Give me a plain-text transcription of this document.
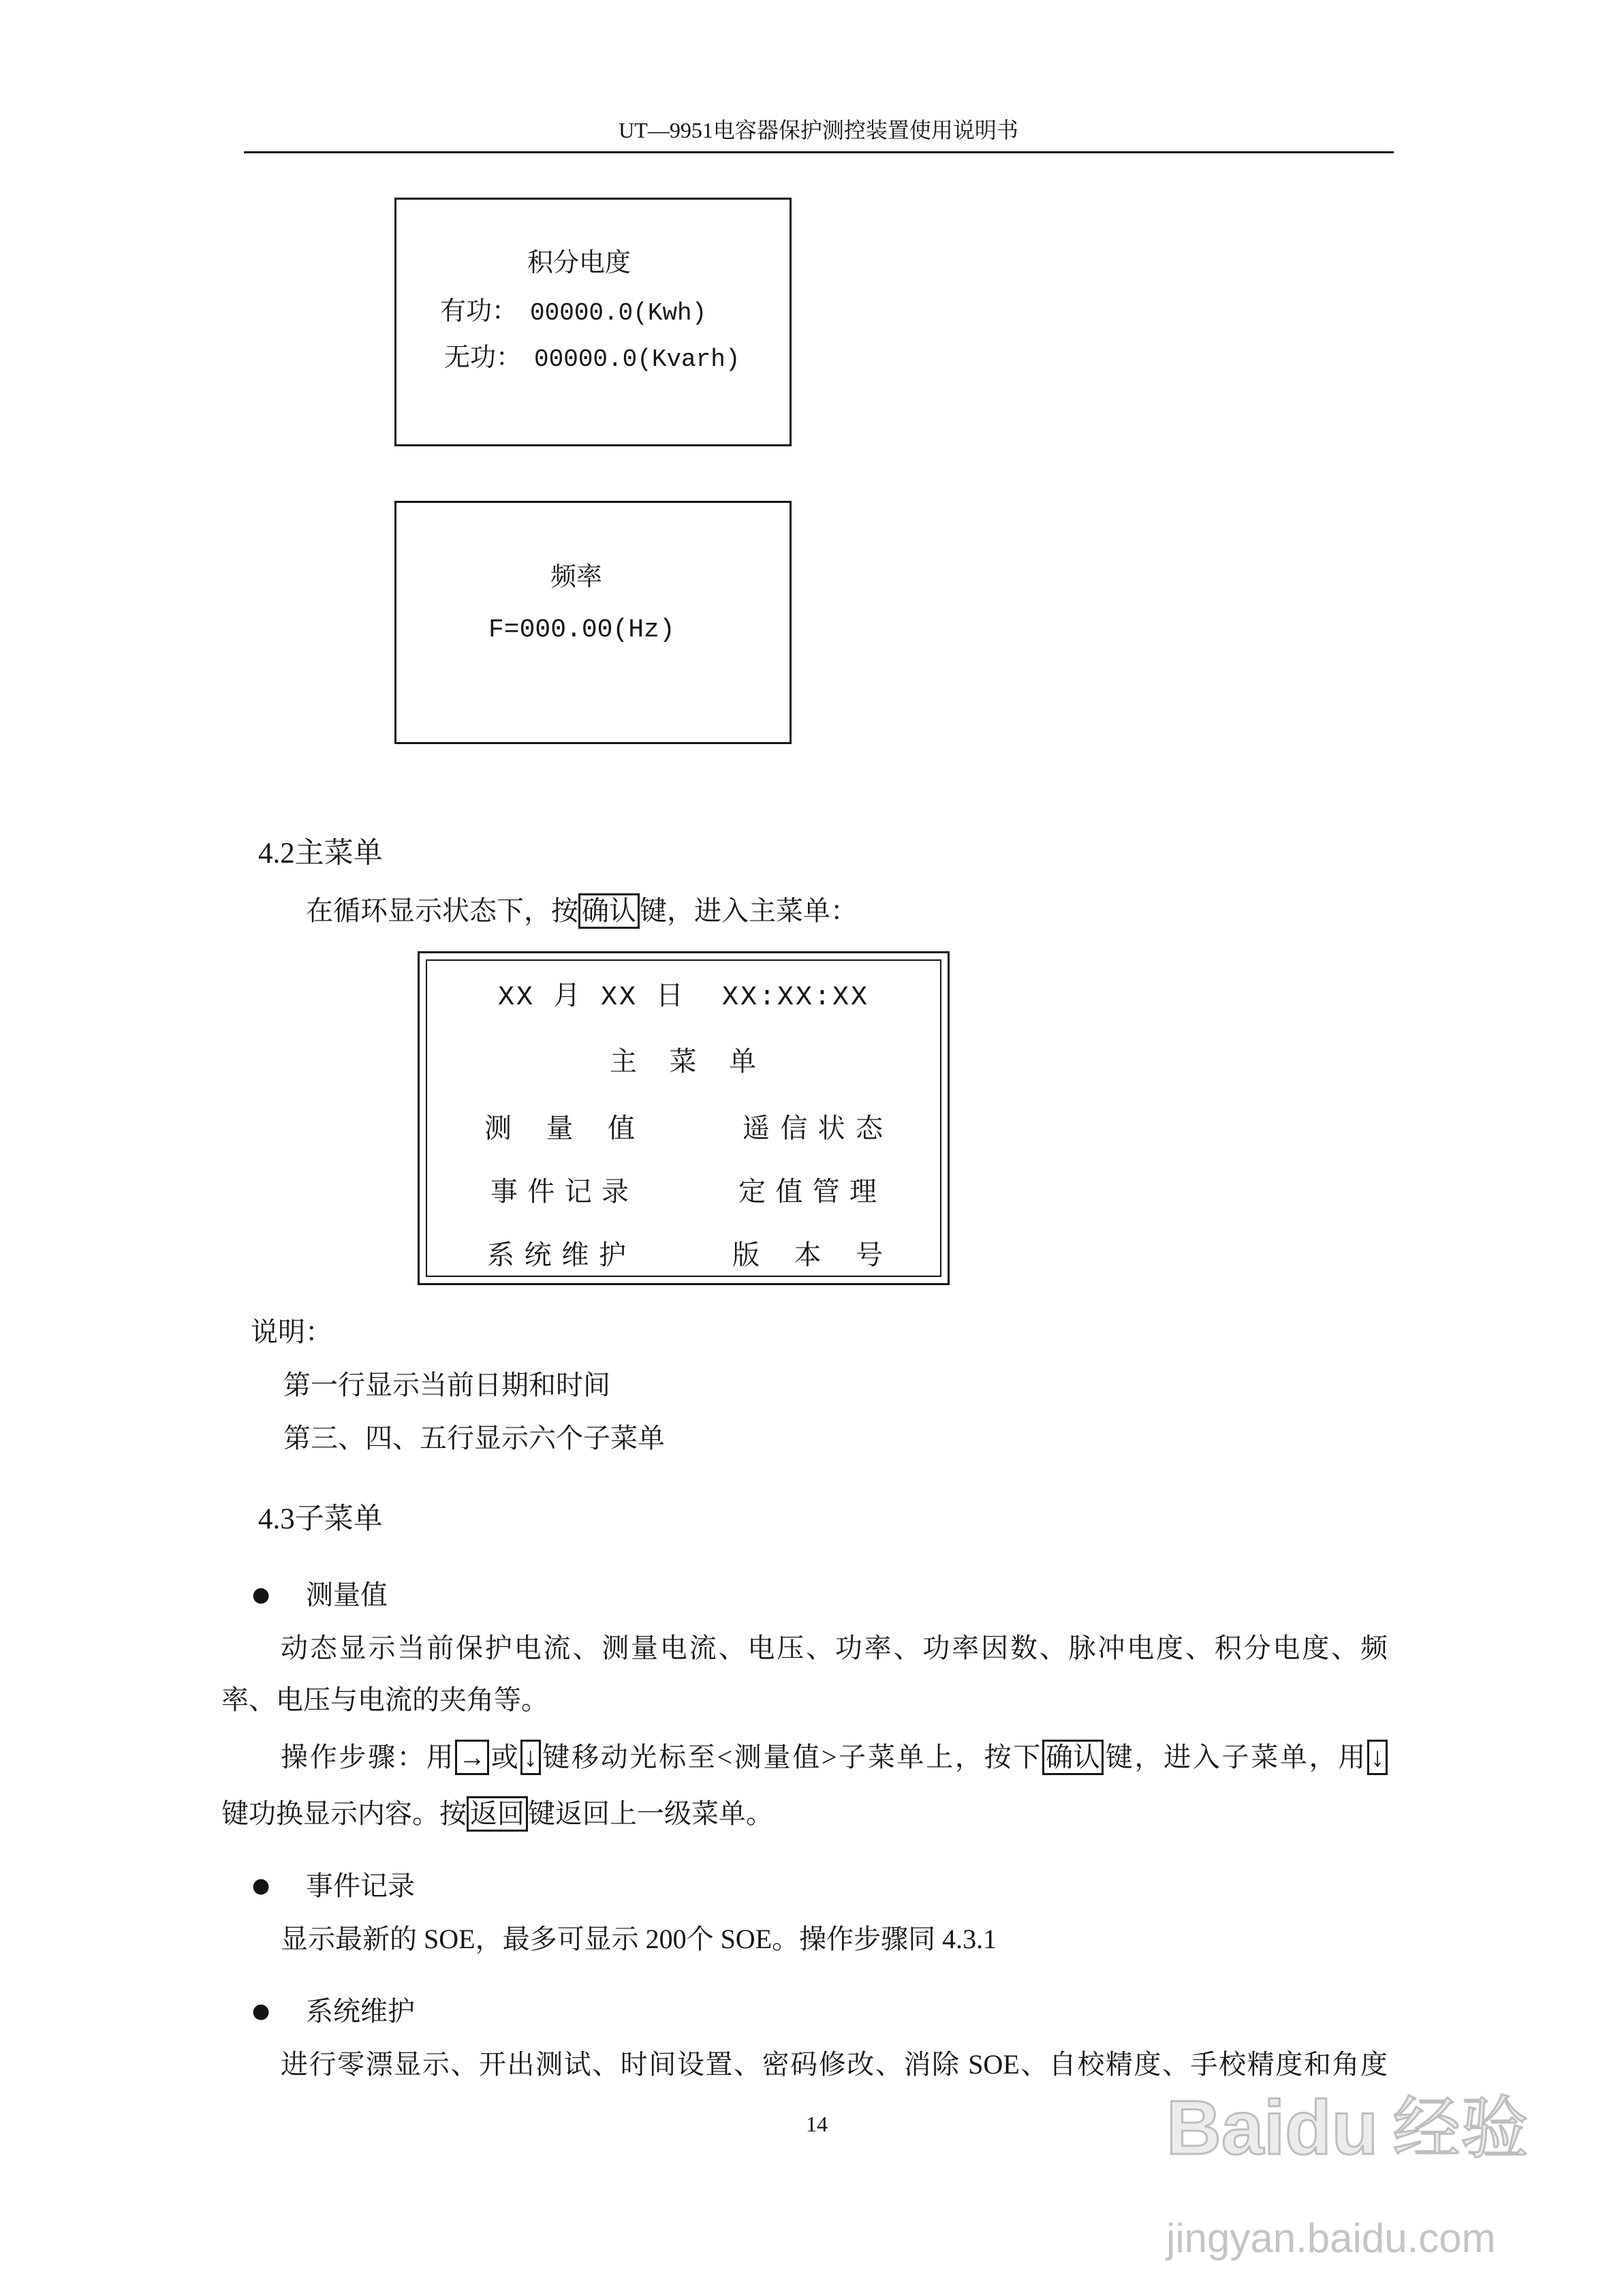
UT—9951电容器保护测控装置使用说明书
积分电度
有功： 00000.0(Kwh)
无功： 00000.0(Kvarh)
频率
F=000.00(Hz)
4.2主菜单
在循环显示状态下，按 确认 键，进入主菜单：
XX 月 XX 日  XX:XX:XX
主 菜 单
测 量 值	遥信状态
事件记录	定值管理
系统维护	版 本 号
说明：
第一行显示当前日期和时间
第三、四、五行显示六个子菜单
4.3子菜单
● 测量值
动态显示当前保护电流、测量电流、电压、功率、功率因数、脉冲电度、积分电度、频
率、电压与电流的夹角等。
操作步骤：用 → 或 ↓ 键移动光标至<测量值>子菜单上，按下 确认 键，进入子菜单，用 ↓
键功换显示内容。按 返回 键返回上一级菜单。
● 事件记录
显示最新的 SOE，最多可显示 200个 SOE。操作步骤同 4.3.1
● 系统维护
进行零漂显示、开出测试、时间设置、密码修改、消除 SOE、自校精度、手校精度和角度
14	Baidu 经验
jingyan.baidu.com
